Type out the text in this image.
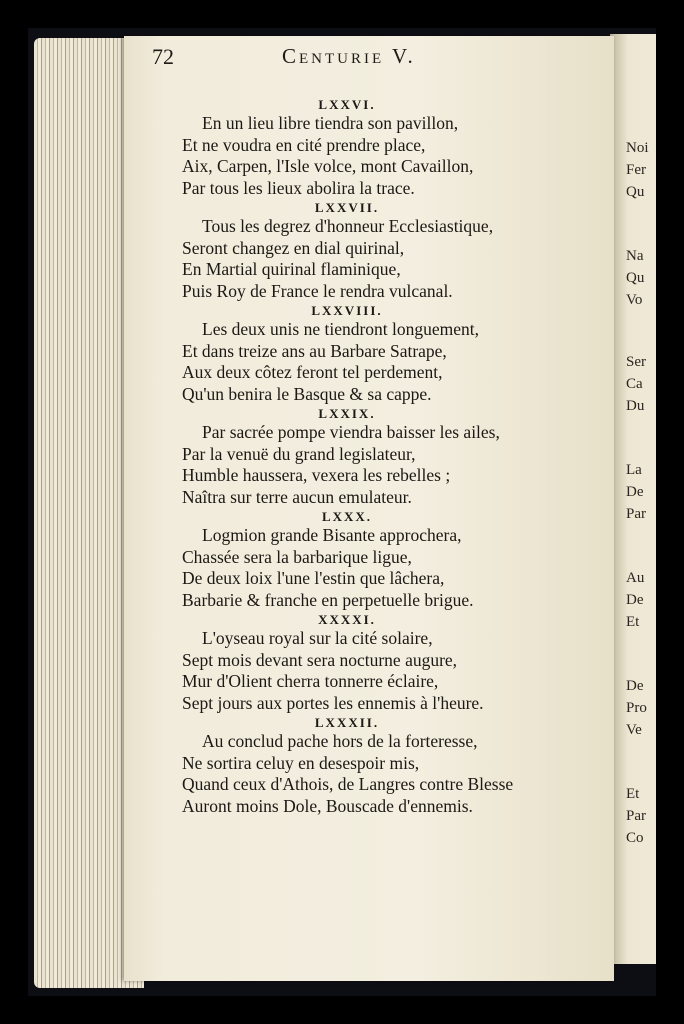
Noi
Fer
Qu
Na
Qu
Vo
Ser
Ca
Du
La
De
Par
Au
De
Et
De
Pro
Ve
Et
Par
Co
72	Centurie V.
LXXVI.
En un lieu libre tiendra son pavillon,
Et ne voudra en cité prendre place,
Aix, Carpen, l'Isle volce, mont Cavaillon,
Par tous les lieux abolira la trace.
LXXVII.
Tous les degrez d'honneur Ecclesiastique,
Seront changez en dial quirinal,
En Martial quirinal flaminique,
Puis Roy de France le rendra vulcanal.
LXXVIII.
Les deux unis ne tiendront longuement,
Et dans treize ans au Barbare Satrape,
Aux deux côtez feront tel perdement,
Qu'un benira le Basque & sa cappe.
LXXIX.
Par sacrée pompe viendra baisser les ailes,
Par la venuë du grand legislateur,
Humble haussera, vexera les rebelles ;
Naîtra sur terre aucun emulateur.
LXXX.
Logmion grande Bisante approchera,
Chassée sera la barbarique ligue,
De deux loix l'une l'estin que lâchera,
Barbarie & franche en perpetuelle brigue.
XXXXI.
L'oyseau royal sur la cité solaire,
Sept mois devant sera nocturne augure,
Mur d'Olient cherra tonnerre éclaire,
Sept jours aux portes les ennemis à l'heure.
LXXXII.
Au conclud pache hors de la forteresse,
Ne sortira celuy en desespoir mis,
Quand ceux d'Athois, de Langres contre Blesse
Auront moins Dole, Bouscade d'ennemis.
